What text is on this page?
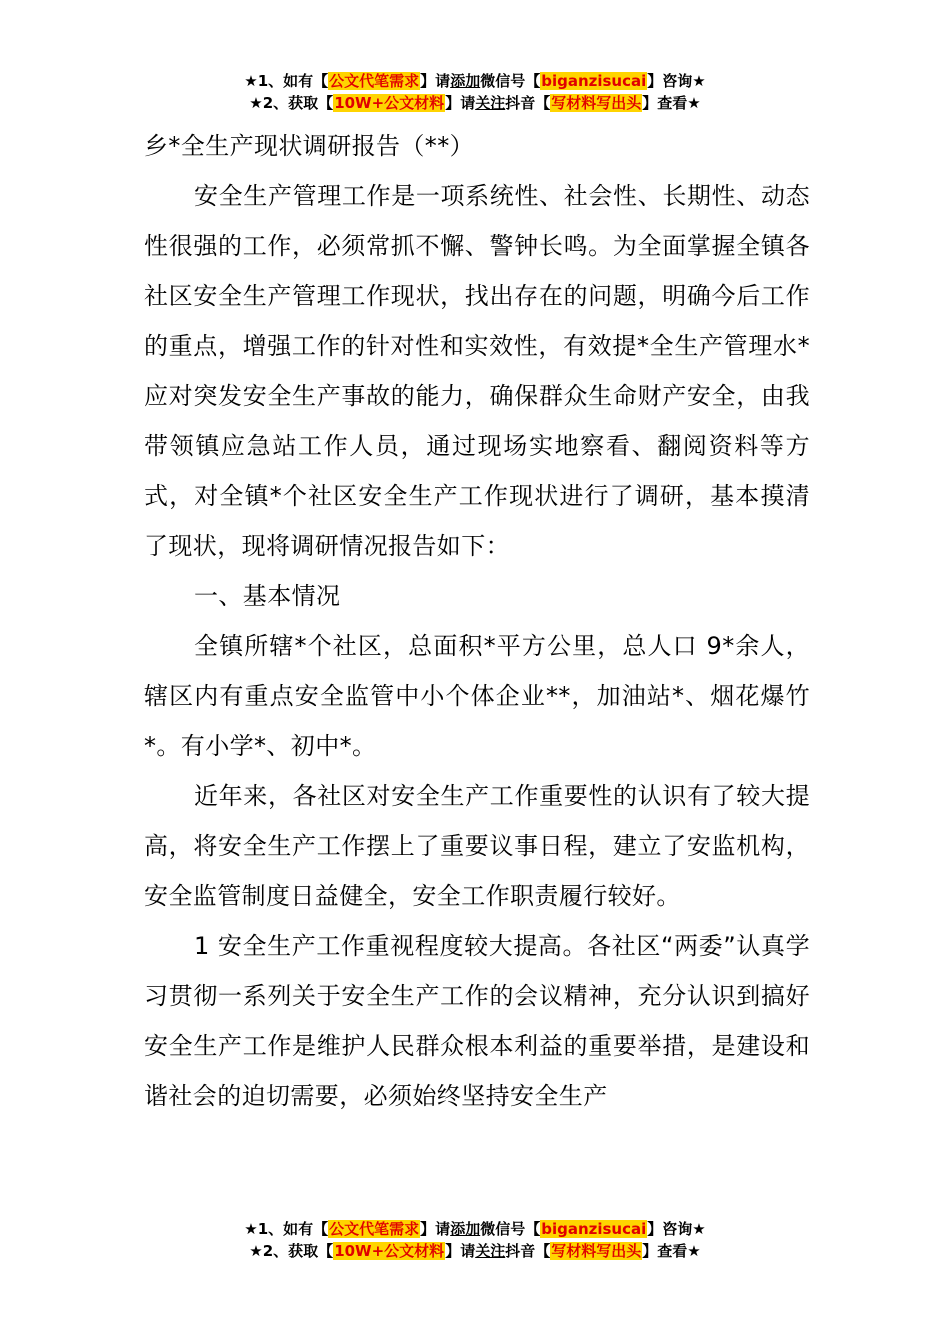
★1、如有【公文代笔需求】请添加微信号【biganzisucai】咨询★
★2、获取【10W+公文材料】请关注抖音【写材料写出头】查看★
乡*全生产现状调研报告（**）

安全生产管理工作是一项系统性、社会性、长期性、动态性很强的工作，必须常抓不懈、警钟长鸣。为全面掌握全镇各社区安全生产管理工作现状，找出存在的问题，明确今后工作的重点，增强工作的针对性和实效性，有效提*全生产管理水*应对突发安全生产事故的能力，确保群众生命财产安全，由我带领镇应急站工作人员，通过现场实地察看、翻阅资料等方式，对全镇*个社区安全生产工作现状进行了调研，基本摸清了现状，现将调研情况报告如下：

一、基本情况

全镇所辖*个社区，总面积*平方公里，总人口 9*余人，辖区内有重点安全监管中小个体企业**，加油站*、烟花爆竹*。有小学*、初中*。

近年来，各社区对安全生产工作重要性的认识有了较大提高，将安全生产工作摆上了重要议事日程，建立了安监机构，安全监管制度日益健全，安全工作职责履行较好。

1 安全生产工作重视程度较大提高。各社区“两委”认真学习贯彻一系列关于安全生产工作的会议精神，充分认识到搞好安全生产工作是维护人民群众根本利益的重要举措，是建设和谐社会的迫切需要，必须始终坚持安全生产

★1、如有【公文代笔需求】请添加微信号【biganzisucai】咨询★
★2、获取【10W+公文材料】请关注抖音【写材料写出头】查看★
